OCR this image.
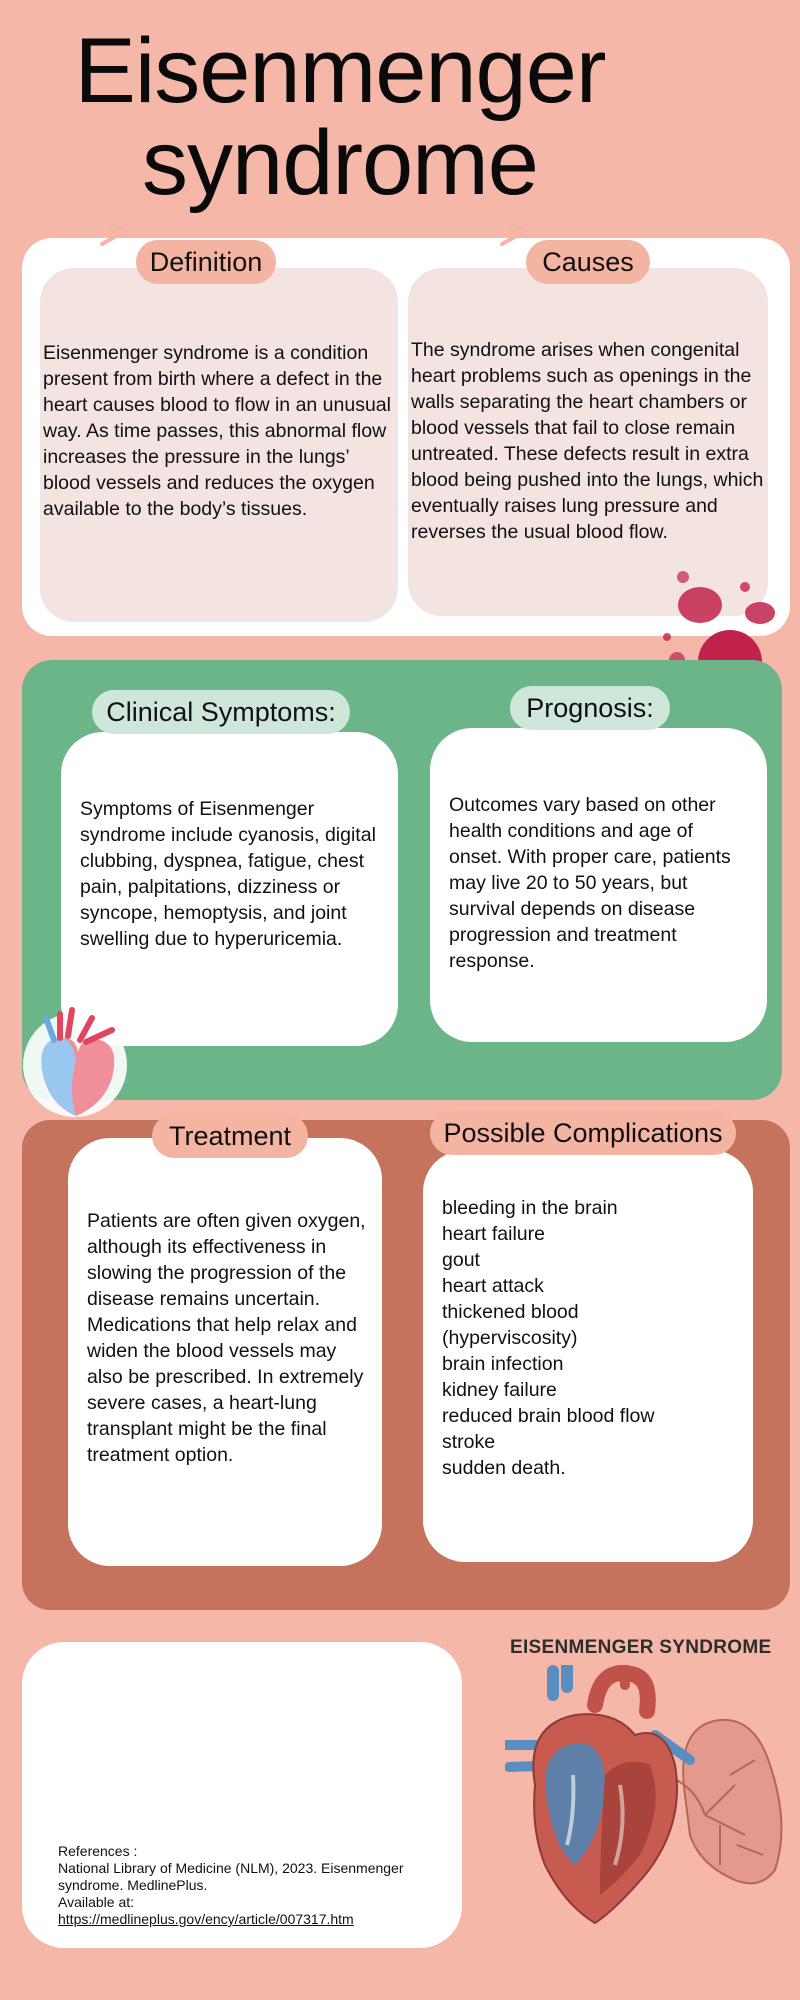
Eisenmenger
syndrome
Definition
Eisenmenger syndrome is a condition present from birth where a defect in the heart causes blood to flow in an unusual way. As time passes, this abnormal flow increases the pressure in the lungs’ blood vessels and reduces the oxygen available to the body’s tissues.
Causes
The syndrome arises when congenital heart problems such as openings in the walls separating the heart chambers or blood vessels that fail to close remain untreated. These defects result in extra blood being pushed into the lungs, which eventually raises lung pressure and reverses the usual blood flow.
Clinical Symptoms:
Symptoms of Eisenmenger syndrome include cyanosis, digital clubbing, dyspnea, fatigue, chest pain, palpitations, dizziness or syncope, hemoptysis, and joint swelling due to hyperuricemia.
Prognosis:
Outcomes vary based on other health conditions and age of onset. With proper care, patients may live 20 to 50 years, but survival depends on disease progression and treatment response.
Treatment
Patients are often given oxygen, although its effectiveness in slowing the progression of the disease remains uncertain. Medications that help relax and widen the blood vessels may also be prescribed. In extremely severe cases, a heart-lung transplant might be the final treatment option.
Possible Complications
bleeding in the brain
heart failure
gout
heart attack
thickened blood
(hyperviscosity)
brain infection
kidney failure
reduced brain blood flow
stroke
sudden death.
References :
National Library of Medicine (NLM), 2023. Eisenmenger syndrome. MedlinePlus.
Available at:
https://medlineplus.gov/ency/article/007317.htm
مستقل
EISENMENGER SYNDROME
